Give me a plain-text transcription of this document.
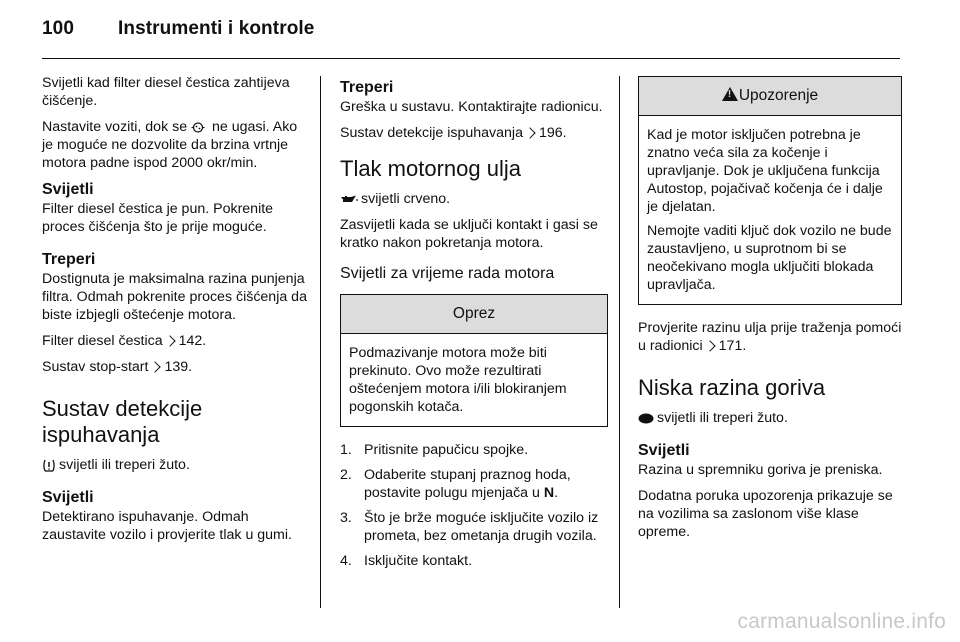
100 Instrumenti i kontrole

Svijetli kad filter diesel čestica zahtijeva čišćenje.

Nastavite voziti, dok se ne ugasi. Ako je moguće ne dozvolite da brzina vrtnje motora padne ispod 2000 okr/min.

Svijetli

Filter diesel čestica je pun. Pokrenite proces čišćenja što je prije moguće.

Treperi

Dostignuta je maksimalna razina punjenja filtra. Odmah pokrenite proces čišćenja da biste izbjegli oštećenje motora.

Filter diesel čestica 142.

Sustav stop-start 139.

Sustav detekcije ispuhavanja

svijetli ili treperi žuto.

Svijetli

Detektirano ispuhavanje. Odmah zaustavite vozilo i provjerite tlak u gumi.

Treperi

Greška u sustavu. Kontaktirajte radionicu.

Sustav detekcije ispuhavanja 196.

Tlak motornog ulja

svijetli crveno.

Zasvijetli kada se uključi kontakt i gasi se kratko nakon pokretanja motora.

Svijetli za vrijeme rada motora
Oprez

Podmazivanje motora može biti prekinuto. Ovo može rezultirati oštećenjem motora i/ili blokiranjem pogonskih kotača.

1. Pritisnite papučicu spojke.
2. Odaberite stupanj praznog hoda, postavite polugu mjenjača u N.
3. Što je brže moguće isključite vozilo iz prometa, bez ometanja drugih vozila.
4. Isključite kontakt.
!Upozorenje

Kad je motor isključen potrebna je znatno veća sila za kočenje i upravljanje. Dok je uključena funkcija Autostop, pojačivač kočenja će i dalje je djelatan.

Nemojte vaditi ključ dok vozilo ne bude zaustavljeno, u suprotnom bi se neočekivano mogla uključiti blokada upravljača.

Provjerite razinu ulja prije traženja pomoći u radionici 171.

Niska razina goriva

svijetli ili treperi žuto.

Svijetli

Razina u spremniku goriva je preniska.

Dodatna poruka upozorenja prikazuje se na vozilima sa zaslonom više klase opreme.

carmanualsonline.info
